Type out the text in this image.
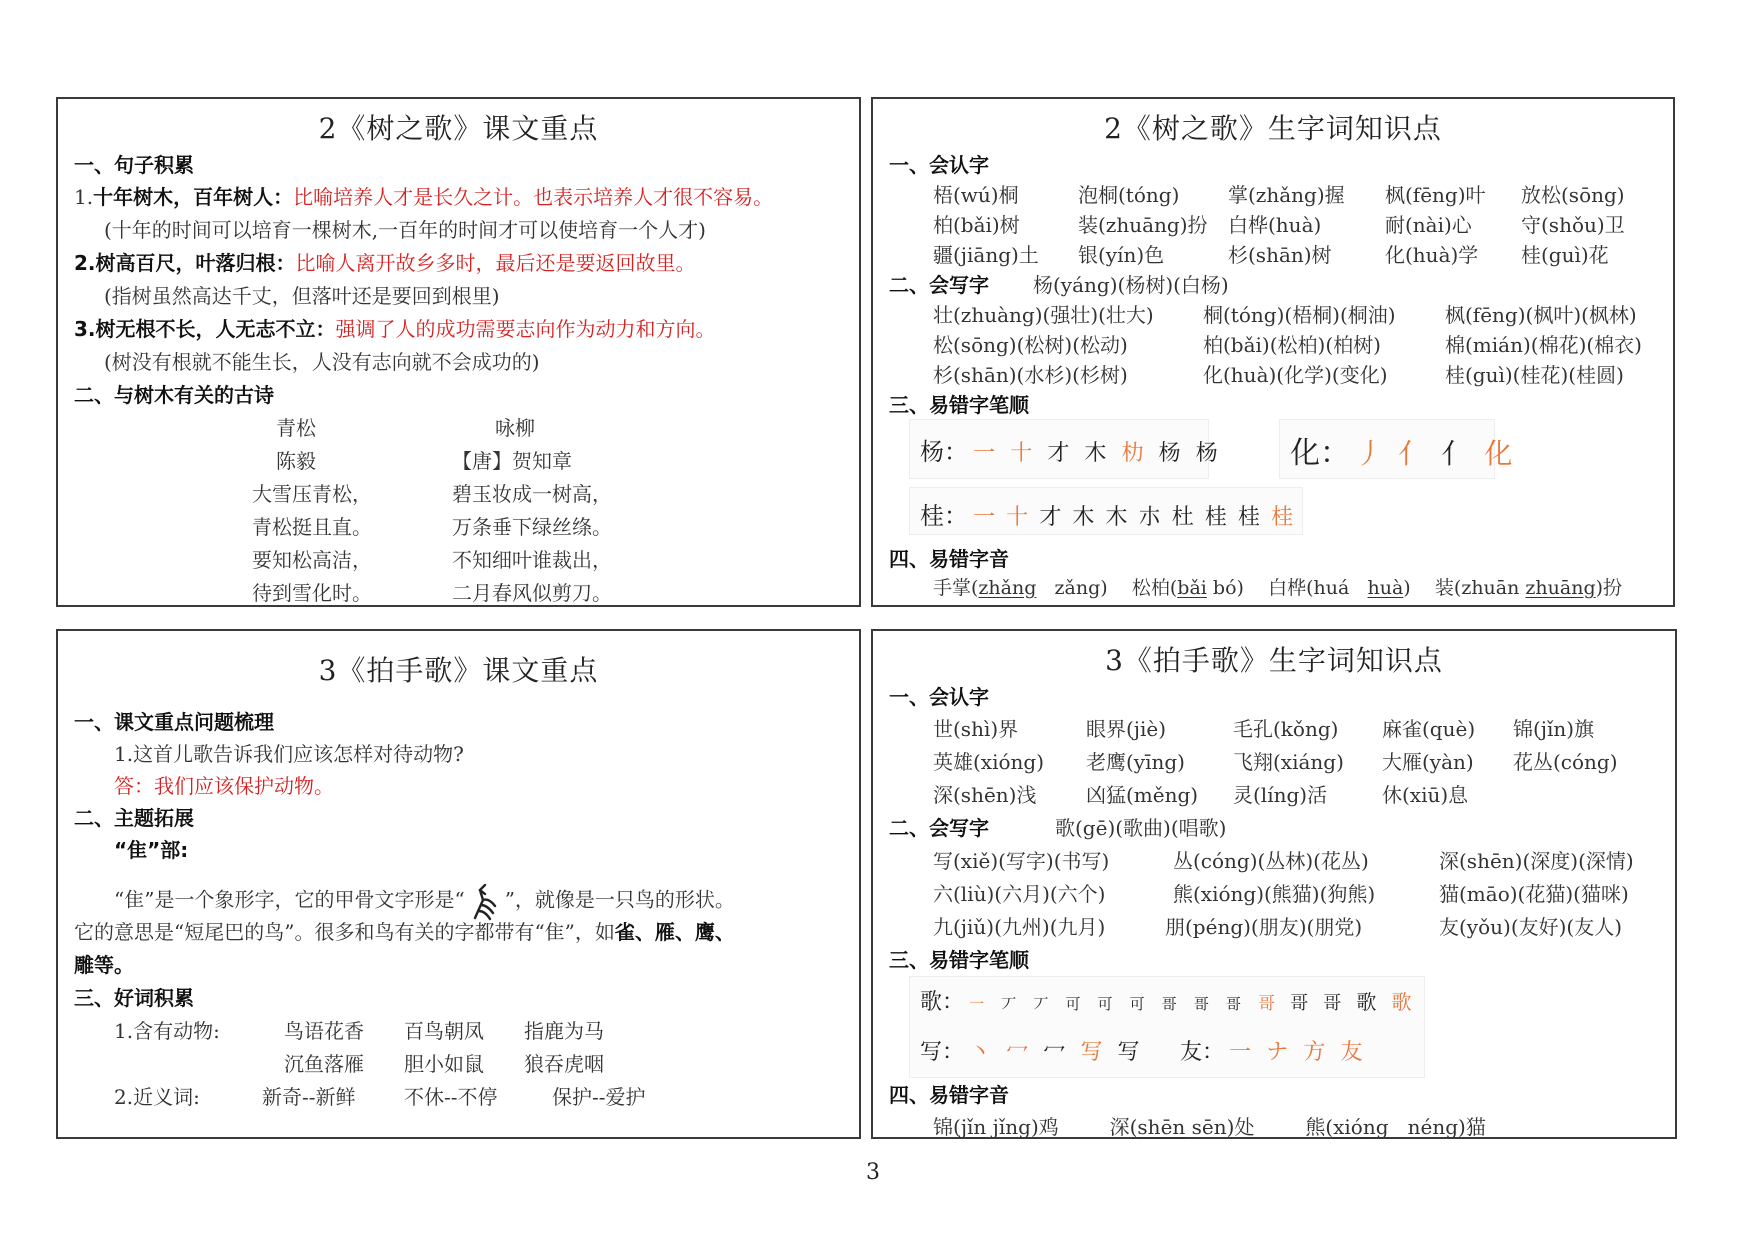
2《树之歌》课文重点
一、句子积累
1.十年树木，百年树人：比喻培养人才是长久之计。也表示培养人才很不容易。
(十年的时间可以培育一棵树木,一百年的时间才可以使培育一个人才)
2.树高百尺，叶落归根：比喻人离开故乡多时，最后还是要返回故里。
(指树虽然高达千丈，但落叶还是要回到根里)
3.树无根不长，人无志不立：强调了人的成功需要志向作为动力和方向。
(树没有根就不能生长，人没有志向就不会成功的)
二、与树木有关的古诗
青松	咏柳
陈毅	【唐】贺知章
大雪压青松，	碧玉妆成一树高，
青松挺且直。	万条垂下绿丝绦。
要知松高洁，	不知细叶谁裁出，
待到雪化时。	二月春风似剪刀。
2《树之歌》生字词知识点
一、会认字
梧(wú)桐	泡桐(tóng) 掌(zhǎng)握 枫(fēng)叶 放松(sōng)
柏(bǎi)树	装(zhuāng)扮 白桦(huà)	耐(nài)心 守(shǒu)卫
疆(jiāng)土 银(yín)色	杉(shān)树	化(huà)学 桂(guì)花
二、会写字 杨(yáng)(杨树)(白杨)
壮(zhuàng)(强壮)(壮大) 桐(tóng)(梧桐)(桐油) 枫(fēng)(枫叶)(枫林)
松(sōng)(松树)(松动)	柏(bǎi)(松柏)(柏树)	棉(mián)(棉花)(棉衣)
杉(shān)(水杉)(杉树)	化(huà)(化学)(变化)	桂(guì)(桂花)(桂圆)
三、易错字笔顺
杨： 一 十 才 木 朸 杨 杨	化： 丿 亻 亻 化
桂： 一 十 才 木 木 朩 杜 桂 桂 桂
四、易错字音
手掌(zhǎng zǎng) 松柏(bǎi bó) 白桦(huá huà) 装(zhuān zhuāng)扮
3《拍手歌》课文重点
一、课文重点问题梳理
1.这首儿歌告诉我们应该怎样对待动物?
答：我们应该保护动物。
二、主题拓展
“隹”部:
“隹”是一个象形字，它的甲骨文字形是“ ”，就像是一只鸟的形状。
它的意思是“短尾巴的鸟”。很多和鸟有关的字都带有“隹”，如雀、雁、鹰、
雕等。
三、好词积累
1.含有动物:	鸟语花香 百鸟朝凤 指鹿为马
沉鱼落雁 胆小如鼠 狼吞虎咽
2.近义词:	新奇--新鲜 不休--不停	保护--爱护
3《拍手歌》生字词知识点
一、会认字
世(shì)界	眼界(jiè)	毛孔(kǒng) 麻雀(què) 锦(jǐn)旗
英雄(xióng) 老鹰(yīng) 飞翔(xiáng) 大雁(yàn) 花丛(cóng)
深(shēn)浅 凶猛(měng) 灵(líng)活	休(xiū)息
二、会写字	歌(gē)(歌曲)(唱歌)
写(xiě)(写字)(书写)	丛(cóng)(丛林)(花丛)	深(shēn)(深度)(深情)
六(liù)(六月)(六个)	熊(xióng)(熊猫)(狗熊)	猫(māo)(花猫)(猫咪)
九(jiǔ)(九州)(九月)	朋(péng)(朋友)(朋党)	友(yǒu)(友好)(友人)
三、易错字笔顺
歌： 一 丆 丆 可 可 可 哥 哥 哥 哥 哥 哥 歌 歌
写： 丶 冖 冖 写 写	友： 一 ナ 方 友
四、易错字音
锦(jǐn jǐng)鸡	深(shēn sēn)处	熊(xióng néng)猫
3
